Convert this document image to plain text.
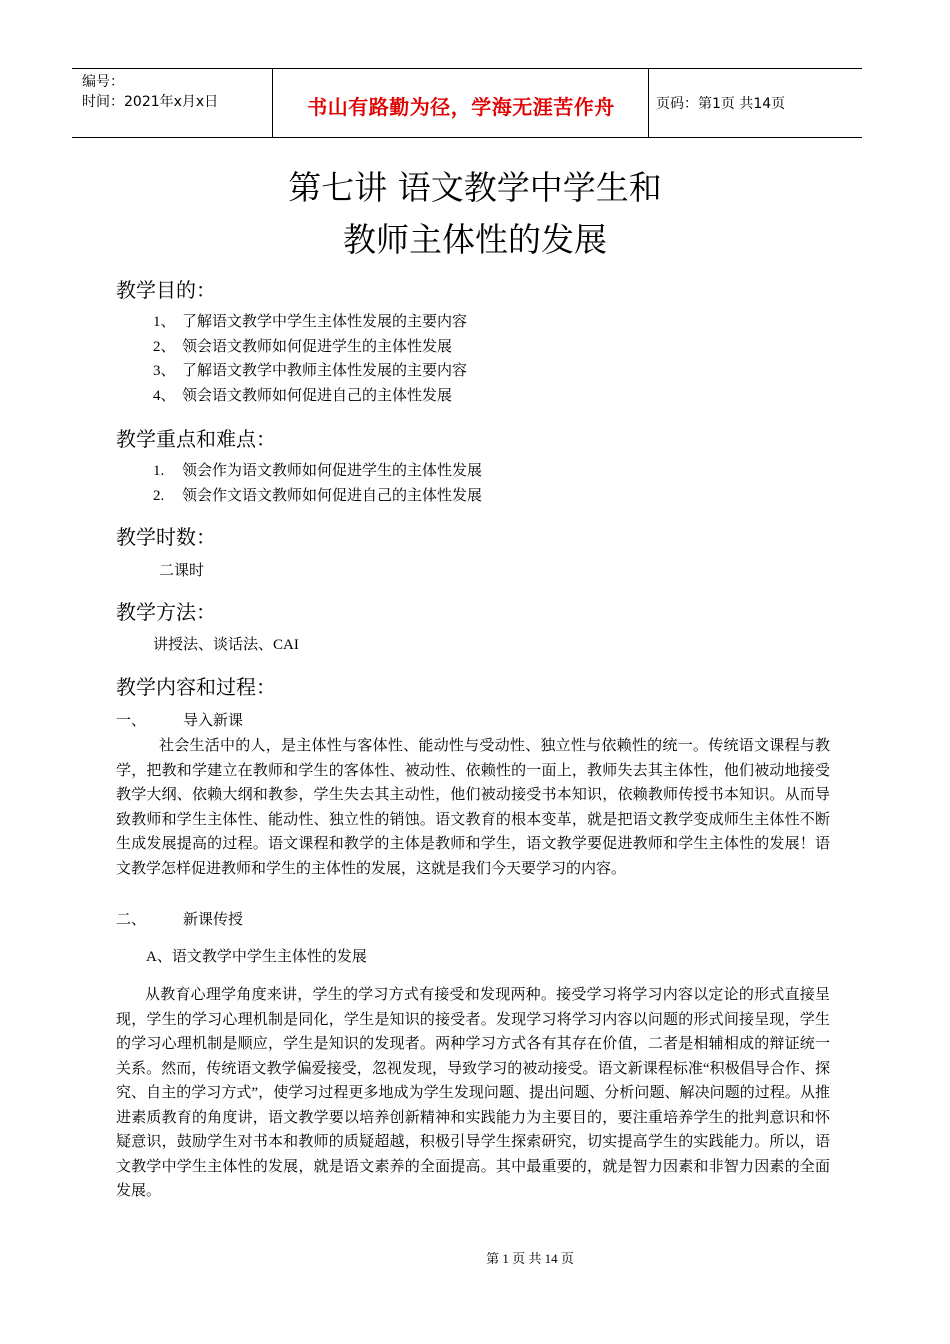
编号：
时间：2021年x月x日	书山有路勤为径，学海无涯苦作舟	页码：第1页 共14页
第七讲 语文教学中学生和
教师主体性的发展
教学目的：
1、 了解语文教学中学生主体性发展的主要内容
2、 领会语文教师如何促进学生的主体性发展
3、 了解语文教学中教师主体性发展的主要内容
4、 领会语文教师如何促进自己的主体性发展
教学重点和难点：
1. 领会作为语文教师如何促进学生的主体性发展
2. 领会作文语文教师如何促进自己的主体性发展
教学时数：
二课时
教学方法：
讲授法、谈话法、CAI
教学内容和过程：
一、 导入新课

社会生活中的人，是主体性与客体性、能动性与受动性、独立性与依赖性的统一。传统语文课程与教学，把教和学建立在教师和学生的客体性、被动性、依赖性的一面上，教师失去其主体性，他们被动地接受教学大纲、依赖大纲和教参，学生失去其主动性，他们被动接受书本知识，依赖教师传授书本知识。从而导致教师和学生主体性、能动性、独立性的销蚀。语文教育的根本变革，就是把语文教学变成师生主体性不断生成发展提高的过程。语文课程和教学的主体是教师和学生，语文教学要促进教师和学生主体性的发展！语文教学怎样促进教师和学生的主体性的发展，这就是我们今天要学习的内容。

二、 新课传授
A、语文教学中学生主体性的发展

从教育心理学角度来讲，学生的学习方式有接受和发现两种。接受学习将学习内容以定论的形式直接呈现，学生的学习心理机制是同化，学生是知识的接受者。发现学习将学习内容以问题的形式间接呈现，学生的学习心理机制是顺应，学生是知识的发现者。两种学习方式各有其存在价值，二者是相辅相成的辩证统一关系。然而，传统语文教学偏爱接受，忽视发现，导致学习的被动接受。语文新课程标准“积极倡导合作、探究、自主的学习方式”，使学习过程更多地成为学生发现问题、提出问题、分析问题、解决问题的过程。从推进素质教育的角度讲，语文教学要以培养创新精神和实践能力为主要目的，要注重培养学生的批判意识和怀疑意识，鼓励学生对书本和教师的质疑超越，积极引导学生探索研究，切实提高学生的实践能力。所以，语文教学中学生主体性的发展，就是语文素养的全面提高。其中最重要的，就是智力因素和非智力因素的全面发展。

第 1 页 共 14 页
